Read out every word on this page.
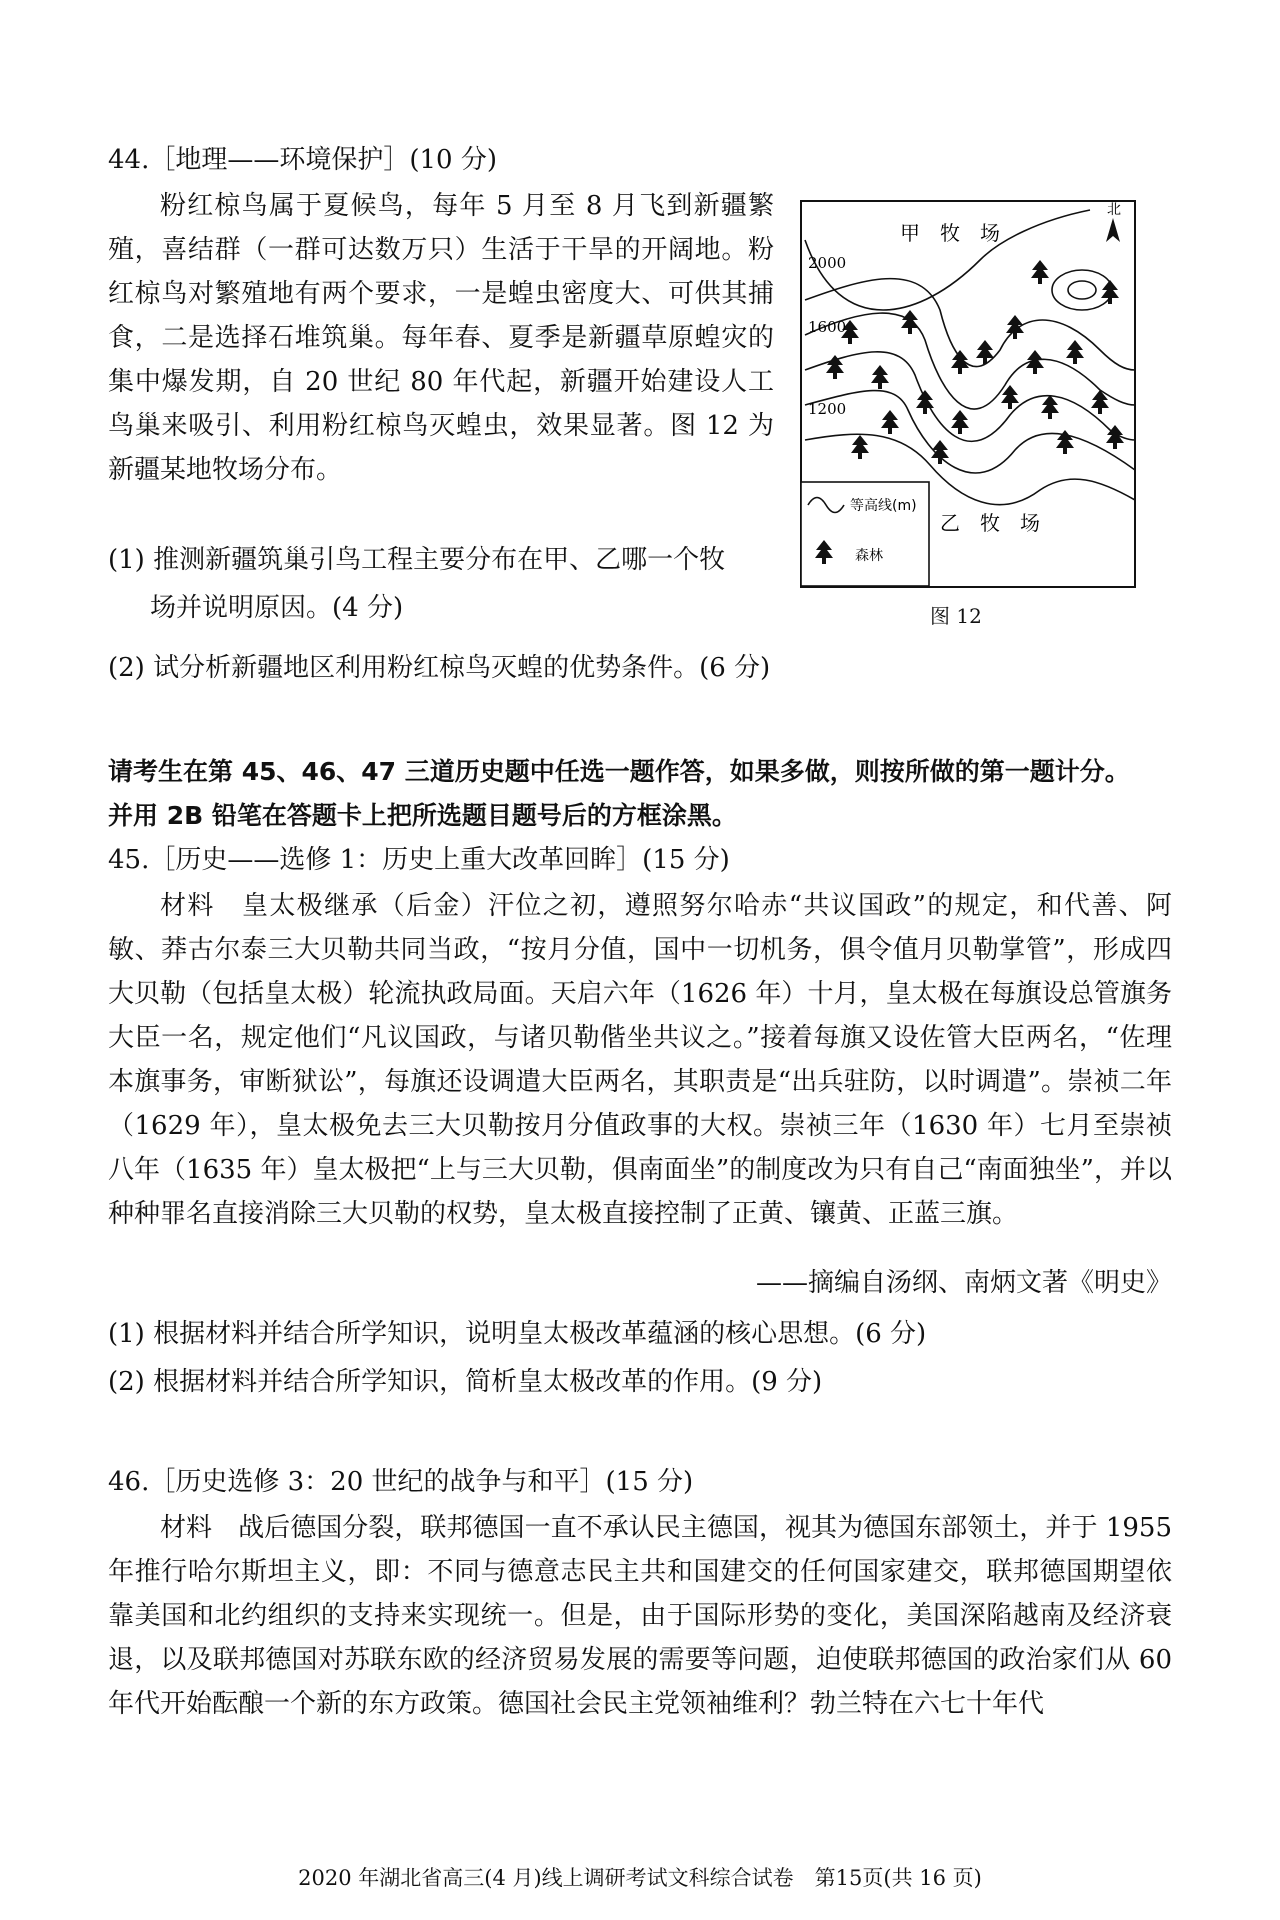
44.［地理——环境保护］(10 分)
粉红椋鸟属于夏候鸟，每年 5 月至 8 月飞到新疆繁殖，喜结群（一群可达数万只）生活于干旱的开阔地。粉红椋鸟对繁殖地有两个要求，一是蝗虫密度大、可供其捕食，二是选择石堆筑巢。每年春、夏季是新疆草原蝗灾的集中爆发期，自 20 世纪 80 年代起，新疆开始建设人工鸟巢来吸引、利用粉红椋鸟灭蝗虫，效果显著。图 12 为新疆某地牧场分布。
(1) 推测新疆筑巢引鸟工程主要分布在甲、乙哪一个牧
场并说明原因。(4 分)
(2) 试分析新疆地区利用粉红椋鸟灭蝗的优势条件。(6 分)
北
2000
1600
1200
甲　牧　场
乙　牧　场
等高线(m)
森林
图 12
请考生在第 45、46、47 三道历史题中任选一题作答，如果多做，则按所做的第一题计分。
并用 2B 铅笔在答题卡上把所选题目题号后的方框涂黑。
45.［历史——选修 1：历史上重大改革回眸］(15 分)
材料　皇太极继承（后金）汗位之初，遵照努尔哈赤“共议国政”的规定，和代善、阿敏、莽古尔泰三大贝勒共同当政，“按月分值，国中一切机务，俱令值月贝勒掌管”，形成四大贝勒（包括皇太极）轮流执政局面。天启六年（1626 年）十月，皇太极在每旗设总管旗务大臣一名，规定他们“凡议国政，与诸贝勒偕坐共议之。”接着每旗又设佐管大臣两名，“佐理本旗事务，审断狱讼”，每旗还设调遣大臣两名，其职责是“出兵驻防，以时调遣”。崇祯二年（1629 年），皇太极免去三大贝勒按月分值政事的大权。崇祯三年（1630 年）七月至崇祯八年（1635 年）皇太极把“上与三大贝勒，俱南面坐”的制度改为只有自己“南面独坐”，并以种种罪名直接消除三大贝勒的权势，皇太极直接控制了正黄、镶黄、正蓝三旗。
——摘编自汤纲、南炳文著《明史》
(1) 根据材料并结合所学知识，说明皇太极改革蕴涵的核心思想。(6 分)
(2) 根据材料并结合所学知识，简析皇太极改革的作用。(9 分)
46.［历史选修 3：20 世纪的战争与和平］(15 分)
材料　战后德国分裂，联邦德国一直不承认民主德国，视其为德国东部领土，并于 1955 年推行哈尔斯坦主义，即：不同与德意志民主共和国建交的任何国家建交，联邦德国期望依靠美国和北约组织的支持来实现统一。但是，由于国际形势的变化，美国深陷越南及经济衰退，以及联邦德国对苏联东欧的经济贸易发展的需要等问题，迫使联邦德国的政治家们从 60 年代开始酝酿一个新的东方政策。德国社会民主党领袖维利？勃兰特在六七十年代
2020 年湖北省高三(4 月)线上调研考试文科综合试卷　第15页(共 16 页)
